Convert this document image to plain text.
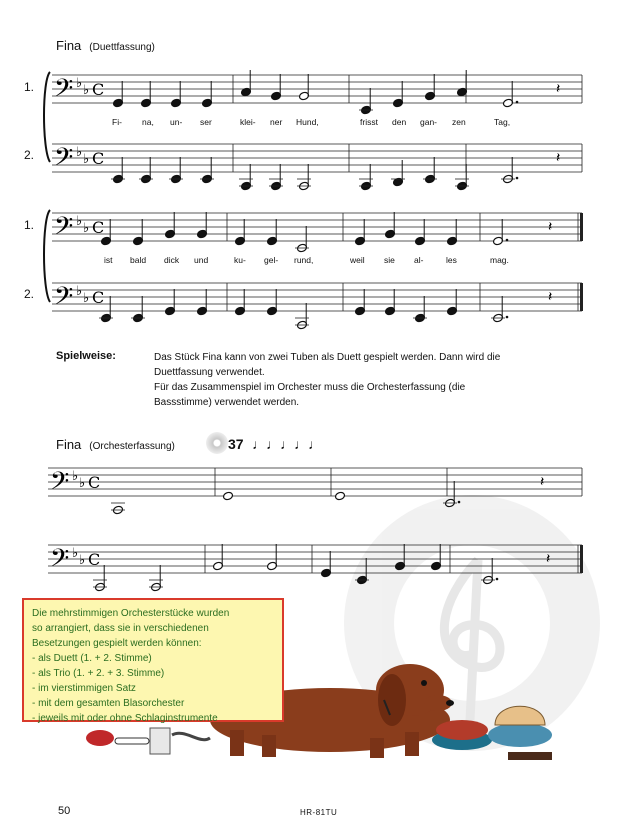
𝄢 ♭ ♭ C
𝄢 ♭ ♭ C
𝄽
𝄽
𝄢 ♭ ♭ C
𝄢 ♭ ♭ C
𝄽
𝄽
𝄢 ♭ ♭ C
𝄢 ♭ ♭ C
𝄽
𝄽
Fina (Duettfassung)
1.
2.
1.
2.
Fi- na, un- ser	klei- ner Hund,	frisst den gan- zen	Tag,
ist bald dick und	ku- gel- rund,	weil sie al-	les	mag.
Spielweise:	Das Stück Fina kann von zwei Tuben als Duett gespielt werden. Dann wird die
Duettfassung verwendet.
Für das Zusammenspiel im Orchester muss die Orchesterfassung (die
Bassstimme) verwendet werden.
Fina (Orchesterfassung)	37 ♩♩♩♩♩
Die mehrstimmigen Orchesterstücke wurden
so arrangiert, dass sie in verschiedenen
Besetzungen gespielt werden können:
- als Duett (1. + 2. Stimme)
- als Trio (1. + 2. + 3. Stimme)
- im vierstimmigen Satz
- mit dem gesamten Blasorchester
- jeweils mit oder ohne Schlaginstrumente
50	HR-81TU
